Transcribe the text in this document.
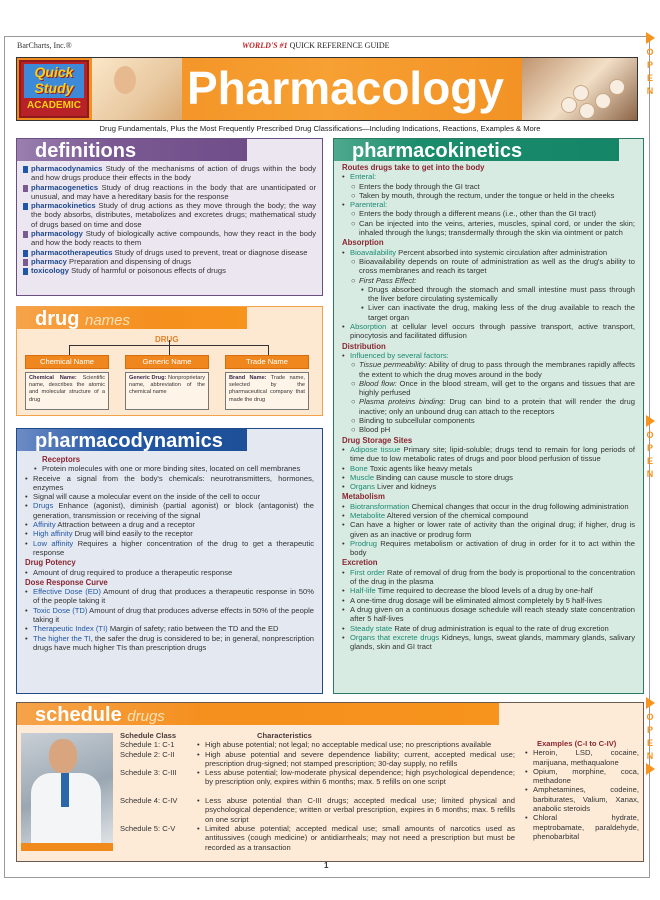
BarCharts, Inc.®	WORLD'S #1 QUICK REFERENCE GUIDE
Quick
Study
ACADEMIC Pharmacology
Drug Fundamentals, Plus the Most Frequently Prescribed Drug Classifications—Including Indications, Reactions, Examples & More
definitions
pharmacodynamics Study of the mechanisms of action of drugs within the body and how drugs produce their effects in the body
pharmacogenetics Study of drug reactions in the body that are unanticipated or unusual, and may have a hereditary basis for the response
pharmacokinetics Study of drug actions as they move through the body; the way the body absorbs, distributes, metabolizes and excretes drugs; mathematical study of drugs based on time and dose
pharmacology Study of biologically active compounds, how they react in the body and how the body reacts to them
pharmacotherapeutics Study of drugs used to prevent, treat or diagnose disease
pharmacy Preparation and dispensing of drugs
toxicology Study of harmful or poisonous effects of drugs
drug names
DRUG
Chemical Name
Chemical Name: Scientific name, describes the atomic and molecular structure of a drug
Generic Name
Generic Drug: Nonproprietary name, abbreviation of the chemical name
Trade Name
Brand Name: Trade name, selected by the pharmaceutical company that made the drug
pharmacodynamics
Receptors
• Protein molecules with one or more binding sites, located on cell membranes
• Receive a signal from the body's chemicals: neurotransmitters, hormones, enzymes
• Signal will cause a molecular event on the inside of the cell to occur
• Drugs Enhance (agonist), diminish (partial agonist) or block (antagonist) the generation, transmission or receiving of the signal
• Affinity Attraction between a drug and a receptor
• High affinity Drug will bind easily to the receptor
• Low affinity Requires a higher concentration of the drug to get a therapeutic response
Drug Potency
• Amount of drug required to produce a therapeutic response
Dose Response Curve
• Effective Dose (ED) Amount of drug that produces a therapeutic response in 50% of the people taking it
• Toxic Dose (TD) Amount of drug that produces adverse effects in 50% of the people taking it
• Therapeutic Index (TI) Margin of safety; ratio between the TD and the ED
• The higher the TI, the safer the drug is considered to be; in general, nonprescription drugs have much higher TIs than prescription drugs
pharmacokinetics
Routes drugs take to get into the body
• Enteral:
○ Enters the body through the GI tract
○ Taken by mouth, through the rectum, under the tongue or held in the cheeks
• Parenteral:
○ Enters the body through a different means (i.e., other than the GI tract)
○ Can be injected into the veins, arteries, muscles, spinal cord, or under the skin; inhaled through the lungs; transdermally through the skin via ointment or patch
Absorption
• Bioavailability Percent absorbed into systemic circulation after administration
○ Bioavailability depends on route of administration as well as the drug's ability to cross membranes and reach its target
○ First Pass Effect:
▪ Drugs absorbed through the stomach and small intestine must pass through the liver before circulating systemically
▪ Liver can inactivate the drug, making less of the drug available to reach the target organ
• Absorption at cellular level occurs through passive transport, active transport, pinocytosis and facilitated diffusion
Distribution
• Influenced by several factors:
○ Tissue permeability: Ability of drug to pass through the membranes rapidly affects the extent to which the drug moves around in the body
○ Blood flow: Once in the blood stream, will get to the organs and tissues that are highly perfused
○ Plasma proteins binding: Drug can bind to a protein that will render the drug inactive; only an unbound drug can attach to the receptors
○ Binding to subcellular components
○ Blood pH
Drug Storage Sites
• Adipose tissue Primary site; lipid-soluble; drugs tend to remain for long periods of time due to low metabolic rates of drugs and poor blood perfusion of tissue
• Bone Toxic agents like heavy metals
• Muscle Binding can cause muscle to store drugs
• Organs Liver and kidneys
Metabolism
• Biotransformation Chemical changes that occur in the drug following administration
• Metabolite Altered version of the chemical compound
• Can have a higher or lower rate of activity than the original drug; if higher, drug is given as an inactive or prodrug form
• Prodrug Requires metabolism or activation of drug in order for it to act within the body
Excretion
• First order Rate of removal of drug from the body is proportional to the concentration of the drug in the plasma
• Half-life Time required to decrease the blood levels of a drug by one-half
• A one-time drug dosage will be eliminated almost completely by 5 half-lives
• A drug given on a continuous dosage schedule will reach steady state concentration after 5 half-lives
• Steady state Rate of drug administration is equal to the rate of drug excretion
• Organs that excrete drugs Kidneys, lungs, sweat glands, mammary glands, salivary glands, skin and GI tract
schedule drugs
Schedule Class
Schedule 1: C-1
Schedule 2: C-II
Schedule 3: C-III
Schedule 4: C-IV
Schedule 5: C-V
Characteristics
• High abuse potential; not legal; no acceptable medical use; no prescriptions available
• High abuse potential and severe dependence liability; current, accepted medical use; prescription drug-signed; not stamped prescription; 30-day supply, no refills
• Less abuse potential; low-moderate physical dependence; high psychological dependence; by prescription only, expires within 6 months; max. 5 refills on one script
• Less abuse potential than C-III drugs; accepted medical use; limited physical and psychological dependence; written or verbal prescription, expires in 6 months; max. 5 refills on one script
• Limited abuse potential; accepted medical use; small amounts of narcotics used as antitussives (cough medicine) or antidiarrheals; may not need a prescription but must be recorded as a transaction
Examples (C-I to C-IV)
• Heroin, LSD, cocaine, marijuana, methaqualone
• Opium, morphine, coca, methadone
• Amphetamines, codeine, barbiturates, Valium, Xanax, anabolic steroids
• Chloral hydrate, meptrobamate, paraldehyde, phenobarbital
1
OPEN
O
P
E
N
O
P
E
N
